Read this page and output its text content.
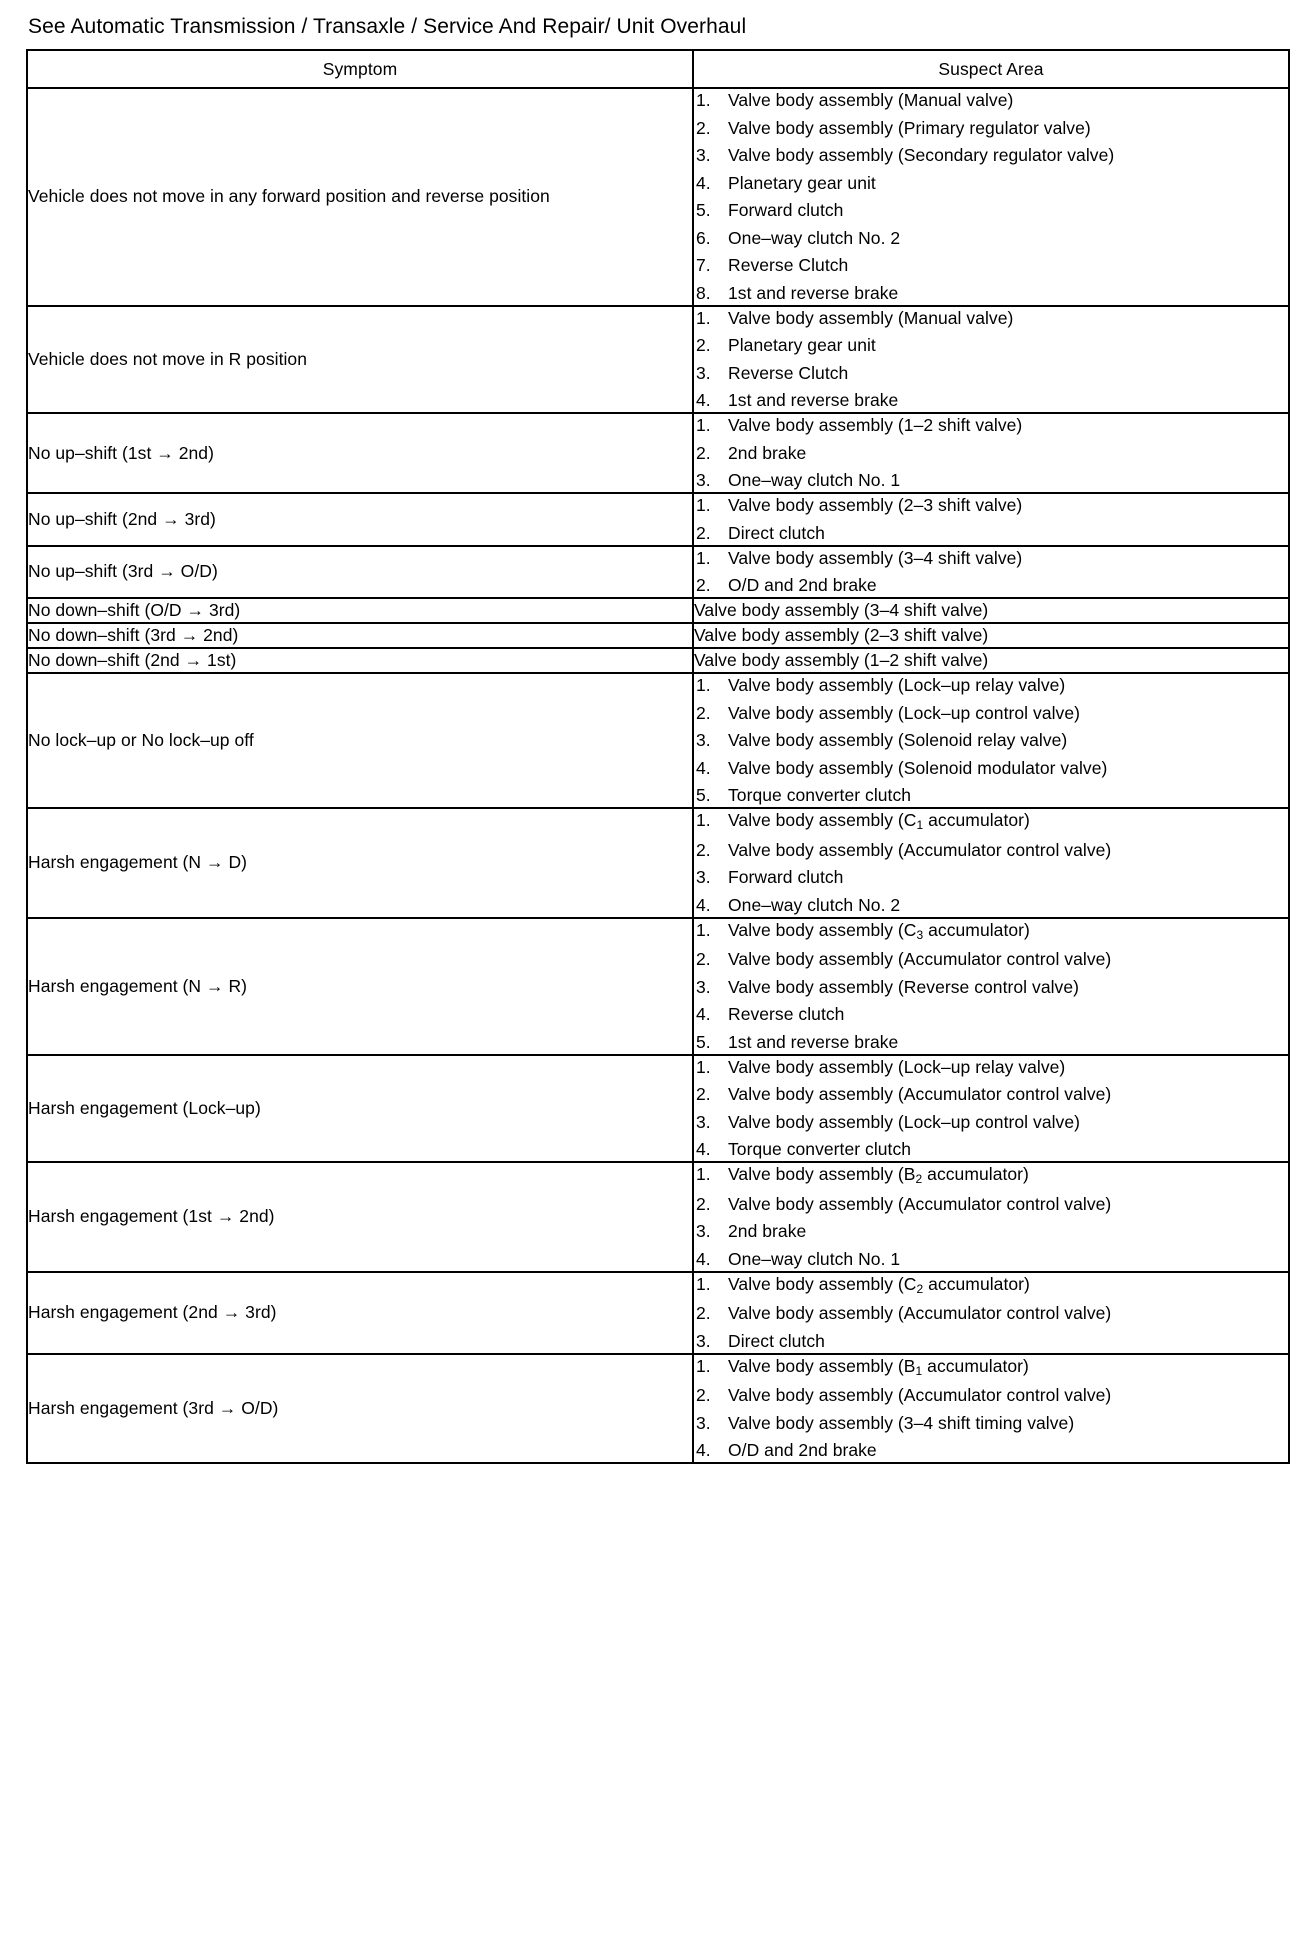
See Automatic Transmission / Transaxle / Service And Repair/ Unit Overhaul
Symptom	Suspect Area
Vehicle does not move in any forward position and reverse position	
Valve body assembly (Manual valve)
Valve body assembly (Primary regulator valve)
Valve body assembly (Secondary regulator valve)
Planetary gear unit
Forward clutch
One–way clutch No. 2
Reverse Clutch
1st and reverse brake

Vehicle does not move in R position	
Valve body assembly (Manual valve)
Planetary gear unit
Reverse Clutch
1st and reverse brake

No up–shift (1st → 2nd)	
Valve body assembly (1–2 shift valve)
2nd brake
One–way clutch No. 1

No up–shift (2nd → 3rd)	
Valve body assembly (2–3 shift valve)
Direct clutch

No up–shift (3rd → O/D)	
Valve body assembly (3–4 shift valve)
O/D and 2nd brake

No down–shift (O/D → 3rd)	Valve body assembly (3–4 shift valve)

No down–shift (3rd → 2nd)	Valve body assembly (2–3 shift valve)

No down–shift (2nd → 1st)	Valve body assembly (1–2 shift valve)

No lock–up or No lock–up off	
Valve body assembly (Lock–up relay valve)
Valve body assembly (Lock–up control valve)
Valve body assembly (Solenoid relay valve)
Valve body assembly (Solenoid modulator valve)
Torque converter clutch

Harsh engagement (N → D)	
Valve body assembly ($C_1$ accumulator)
Valve body assembly (Accumulator control valve)
Forward clutch
One–way clutch No. 2

Harsh engagement (N → R)	
Valve body assembly ($C_3$ accumulator)
Valve body assembly (Accumulator control valve)
Valve body assembly (Reverse control valve)
Reverse clutch
1st and reverse brake

Harsh engagement (Lock–up)	
Valve body assembly (Lock–up relay valve)
Valve body assembly (Accumulator control valve)
Valve body assembly (Lock–up control valve)
Torque converter clutch

Harsh engagement (1st → 2nd)	
Valve body assembly ($B_2$ accumulator)
Valve body assembly (Accumulator control valve)
2nd brake
One–way clutch No. 1

Harsh engagement (2nd → 3rd)	
Valve body assembly ($C_2$ accumulator)
Valve body assembly (Accumulator control valve)
Direct clutch

Harsh engagement (3rd → O/D)	
Valve body assembly ($B_1$ accumulator)
Valve body assembly (Accumulator control valve)
Valve body assembly (3–4 shift timing valve)
O/D and 2nd brake
